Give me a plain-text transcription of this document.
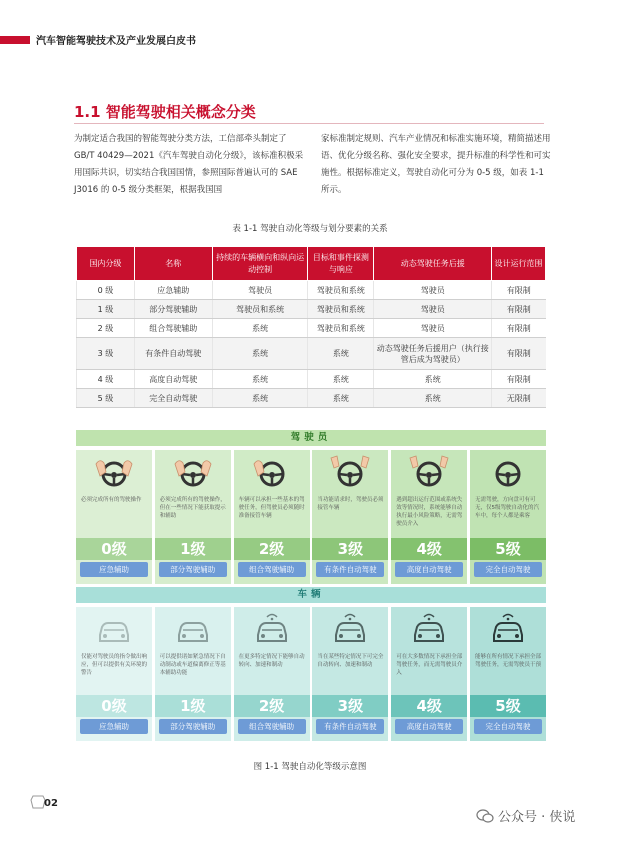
汽车智能驾驶技术及产业发展白皮书
1.1 智能驾驶相关概念分类
为制定适合我国的智能驾驶分类方法，工信部牵头制定了 GB/T 40429—2021《汽车驾驶自动化分级》，该标准积极采用国际共识，切实结合我国国情，参照国际普遍认可的 SAE J3016 的 0-5 级分类框架，根据我国国
家标准制定规则、汽车产业情况和标准实施环境，精简描述用语、优化分级名称、强化安全要求，提升标准的科学性和可实施性。根据标准定义，驾驶自动化可分为 0-5 级，如表 1-1 所示。
表 1-1 驾驶自动化等级与划分要素的关系
国内分级	名称	持续的车辆横向和纵向运动控制	目标和事件探测与响应	动态驾驶任务后援	设计运行范围
0 级	应急辅助	驾驶员	驾驶员和系统	驾驶员	有限制
1 级	部分驾驶辅助	驾驶员和系统	驾驶员和系统	驾驶员	有限制
2 级	组合驾驶辅助	系统	驾驶员和系统	驾驶员	有限制
3 级	有条件自动驾驶	系统	系统	动态驾驶任务后援用户（执行接管后成为驾驶员）	有限制
4 级	高度自动驾驶	系统	系统	系统	有限制
5 级	完全自动驾驶	系统	系统	系统	无限制
驾驶员
必须完成所有的驾驶操作
0级
应急辅助
必须完成所有的驾驶操作，但在一些情况下能获取提示和辅助
1级
部分驾驶辅助
车辆可以承担一些基本的驾驶任务，但驾驶员必须随时准备接管车辆
2级
组合驾驶辅助
当功能请求时，驾驶员必须接管车辆
3级
有条件自动驾驶
遇到超出运行范围或系统失效等情况时，系统能够自动执行最小风险策略，无需驾驶员介入
4级
高度自动驾驶
无需驾驶，方向盘可有可无，仅5级驾驶自动化的汽车中，每个人都是乘客
5级
完全自动驾驶
车辆
仅能对驾驶员的指令做出响应，但可以提供有关环境的警告
0级
应急辅助
可以提供诸如紧急情况下自动制动或车道偏离修正等基本辅助功能
1级
部分驾驶辅助
在更多特定情况下能够自动转向、加速和制动
2级
组合驾驶辅助
当在某些特定情况下可完全自动转向、加速和制动
3级
有条件自动驾驶
可在大多数情况下承担全部驾驶任务，而无需驾驶员介入
4级
高度自动驾驶
能够在所有情况下承担全部驾驶任务，无需驾驶员干预
5级
完全自动驾驶
图 1-1 驾驶自动化等级示意图
02
公众号 · 侠说
